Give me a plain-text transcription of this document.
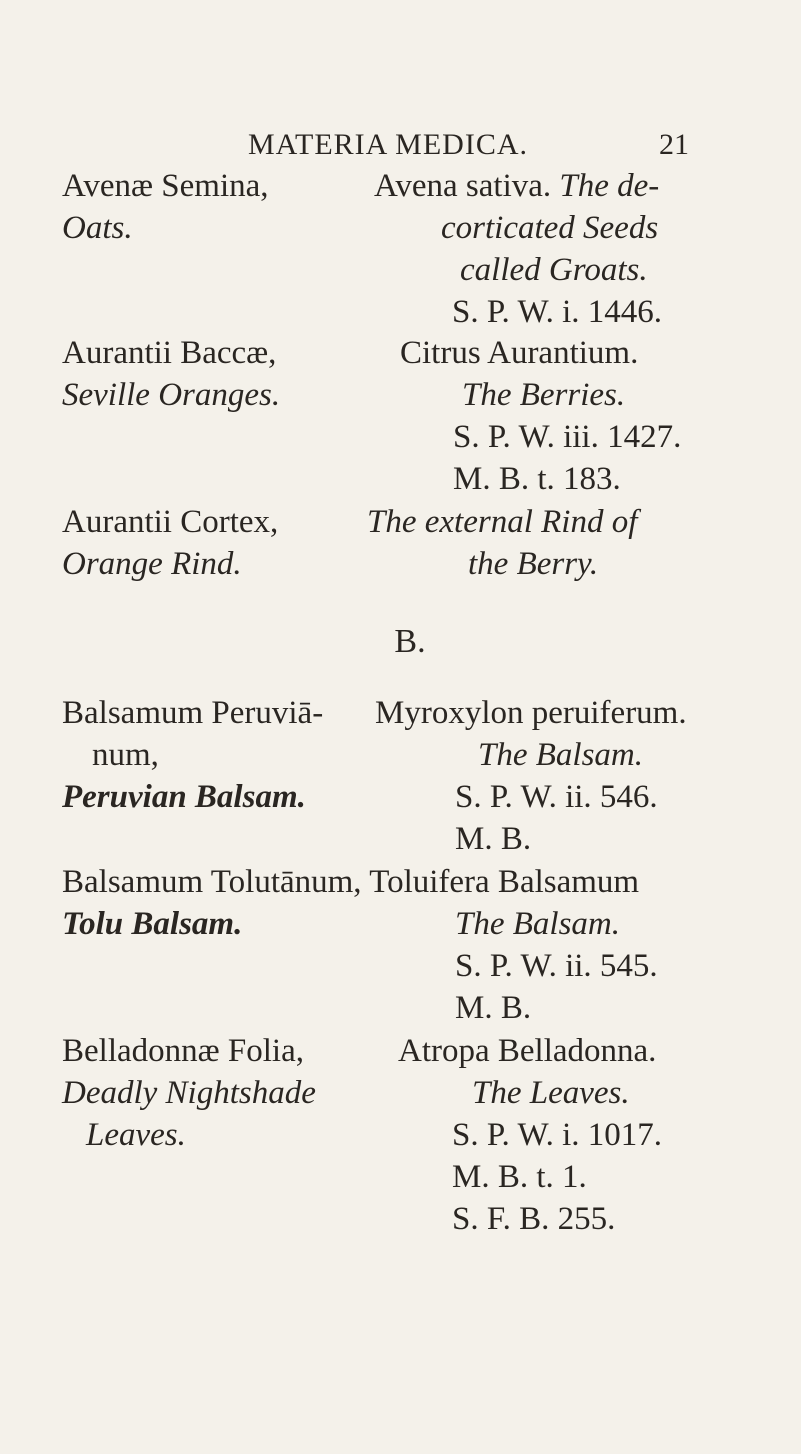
MATERIA MEDICA.	21
Avenæ Semina,
Oats.
Avena sativa. The de-
corticated Seeds
called Groats.
S. P. W. i. 1446.
Aurantii Baccæ,
Seville Oranges.
Citrus Aurantium.
The Berries.
S. P. W. iii. 1427.
M. B. t. 183.
Aurantii Cortex,
Orange Rind.
The external Rind of
the Berry.
B.
Balsamum Peruviā-
num,
Peruvian Balsam.
Myroxylon peruiferum.
The Balsam.
S. P. W. ii. 546.
M. B.
Balsamum Tolutānum, Toluifera Balsamum
Tolu Balsam.	The Balsam.
S. P. W. ii. 545.
M. B.
Belladonnæ Folia,
Deadly Nightshade
Leaves.
Atropa Belladonna.
The Leaves.
S. P. W. i. 1017.
M. B. t. 1.
S. F. B. 255.
